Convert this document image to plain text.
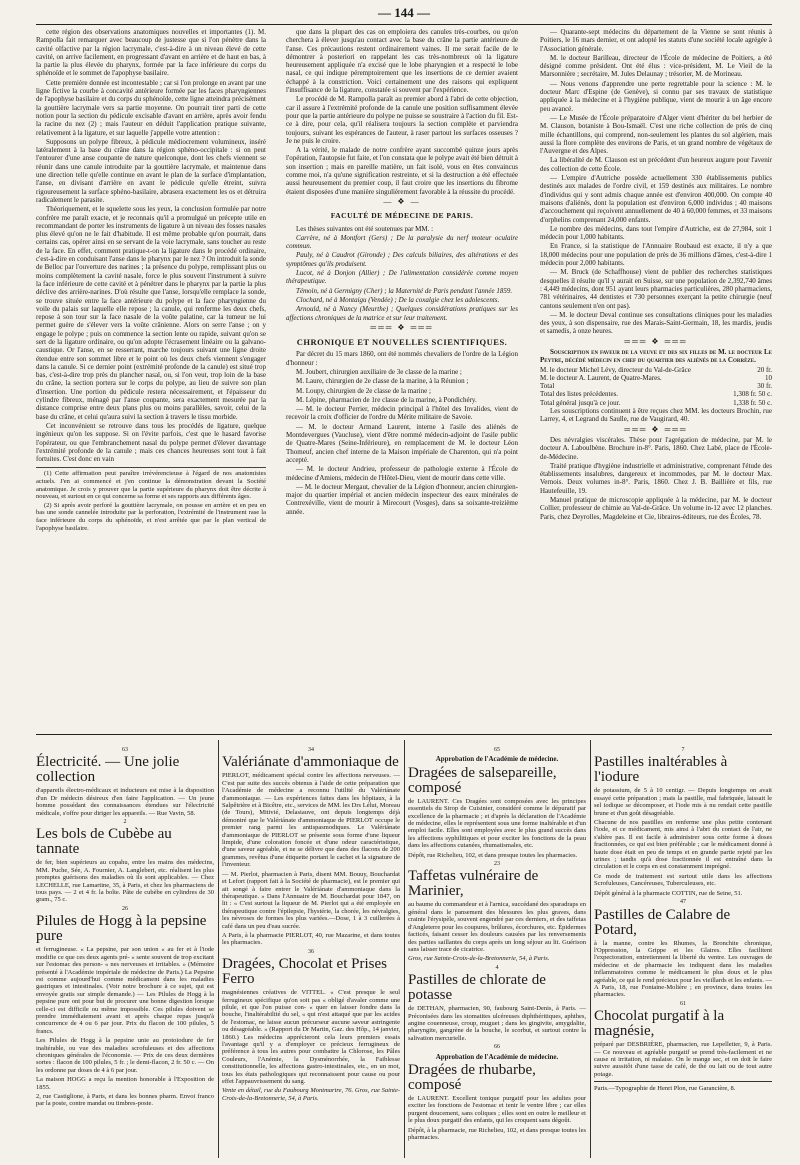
— 144 —

cette région des observations anatomiques nouvelles et importantes (1). M. Rampolla fait remarquer avec beaucoup de justesse que si l'on pénètre dans la cavité olfactive par la région lacrymale, c'est-à-dire à un niveau élevé de cette cavité, on arrive facilement, en progressant d'avant en arrière et de haut en bas, à la partie la plus élevée du pharynx, formée par la face inférieure du corps du sphénoïde et le sommet de l'apophyse basilaire.

Cette première donnée est incontestable ; car si l'on prolonge en avant par une ligne fictive la courbe à concavité antérieure formée par les faces pharyngiennes de l'apophyse basilaire et du corps du sphénoïde, cette ligne atteindra précisément la gouttière lacrymale vers sa partie moyenne. On pourrait tirer parti de cette notion pour la section du pédicule excisable d'avant en arrière, après avoir fendu la racine du nez (2) ; mais l'auteur en déduit l'application pratique suivante, relativement à la ligature, et sur laquelle j'appelle votre attention :

Supposons un polype fibreux, à pédicule médiocrement volumineux, inséré latéralement à la base du crâne dans la région sphéno-occipitale : si on peut l'entourer d'une anse coupante de nature quelconque, dont les chefs viennent se réunir dans une canule introduite par la gouttière lacrymale, et maintenue dans une direction telle qu'elle continue en avant le plan de la surface d'implantation, l'anse, en divisant d'arrière en avant le pédicule qu'elle étreint, suivra rigoureusement la surface sphéno-basilaire, abrasera exactement les os et détruira radicalement le parasite.

Théoriquement, et le squelette sous les yeux, la conclusion formulée par notre confrère me paraît exacte, et je reconnais qu'il a promulgué un précepte utile en recommandant de porter les instruments de ligature à un niveau des fosses nasales plus élevé qu'on ne le fait d'habitude. Il est même probable qu'on pourrait, dans certains cas, opérer ainsi en se servant de la voie lacrymale, sans toucher au reste de la face. En effet, comment pratique-t-on la ligature dans le procédé ordinaire, c'est-à-dire en conduisant l'anse dans le pharynx par le nez ? On introduit la sonde de Belloc par l'ouverture des narines ; la présence du polype, remplissant plus ou moins complètement la cavité nasale, force le plus souvent l'instrument à suivre la face inférieure de cette cavité et à pénétrer dans le pharynx par la partie la plus déclive des arrière-narines. D'où résulte que l'anse, lorsqu'elle remplace la sonde, se trouve située entre la face antérieure du polype et la face pharyngienne du voile du palais sur laquelle elle repose ; la canule, qui renferme les deux chefs, repose à son tour sur la face nasale de la voûte palatine, car la tumeur ne lui permet guère de s'élever vers la voûte crânienne. Alors on serre l'anse ; on y engage le polype ; puis on commence la section lente ou rapide, suivant qu'on se sert de la ligature ordinaire, ou qu'on adopte l'écrasement linéaire ou la galvano-caustique. Or l'anse, en se resserrant, marche toujours suivant une ligne droite étendue entre son sommet libre et le point où les deux chefs viennent s'engager dans la canule. Si ce dernier point (extrémité profonde de la canule) est situé trop bas, c'est-à-dire trop près du plancher nasal, ou, si l'on veut, trop loin de la base du crâne, la section portera sur le corps du polype, au lieu de suivre son plan d'insertion. Une portion du pédicule restera nécessairement, et l'épaisseur du cylindre fibreux, ménagé par l'anse coupante, sera exactement mesurée par la distance comprise entre deux plans plus ou moins parallèles, savoir, celui de la base du crâne, et celui qu'aura suivi la section à travers le tissu morbide.

Cet inconvénient se retrouve dans tous les procédés de ligature, quelque ingénieux qu'on les suppose. Si on l'évite parfois, c'est que le hasard favorise l'opérateur, ou que l'embranchement nasal du polype permet d'élever davantage l'extrémité profonde de la canule ; mais ces chances heureuses sont tout à fait fortuites. C'est donc en vain

(1) Cette affirmation peut paraître irrévérencieuse à l'égard de nos anatomistes actuels. J'en ai commencé et j'en continue la démonstration devant la Société anatomique. Je crois y prouver que la partie supérieure du pharynx doit être décrite à nouveau, et surtout en ce qui concerne sa forme et ses rapports aux différents âges.

(2) Si après avoir perforé la gouttière lacrymale, on pousse en arrière et en peu en bas une sonde cannelée introduite par la perforation, l'extrémité de l'instrument rase la face inférieure du corps du sphénoïde, et n'est arrêtée que par le plan vertical de l'apophyse basilaire.

que dans la plupart des cas on emploiera des canules très-courbes, ou qu'on cherchera à élever jusqu'au contact avec la base du crâne la partie antérieure de l'anse. Ces précautions restent ordinairement vaines. Il me serait facile de le démontrer à posteriori en rappelant les cas très-nombreux où la ligature heureusement appliquée n'a excisé que le lobe pharyngien et a respecté le lobe nasal, ce qui indique péremptoirement que les insertions de ce dernier avaient échappé à la constriction. Voici certainement une des raisons qui expliquent l'insuffisance de la ligature, constatée si souvent par l'expérience.

Le procédé de M. Rampolla paraît au premier abord à l'abri de cette objection, car il assure à l'extrémité profonde de la canule une position suffisamment élevée pour que la partie antérieure du polype ne puisse se soustraire à l'action du fil. Est-ce à dire, pour cela, qu'il réalisera toujours la section complète et parviendra toujours, suivant les espérances de l'auteur, à raser partout les surfaces osseuses ? Je ne puis le croire.

A la vérité, le malade de notre confrère ayant succombé quinze jours après l'opération, l'autopsie fut faite, et l'on constata que le polype avait été bien détruit à son insertion ; mais en pareille matière, un fait isolé, vous en êtes convaincus comme moi, n'a qu'une signification restreinte, et si la destruction a été effectuée aussi heureusement du premier coup, il faut croire que les insertions du fibrome étaient disposées d'une manière singulièrement favorable à la réussite du procédé.

— ❖ —
FACULTÉ DE MÉDECINE DE PARIS.

Les thèses suivantes ont été soutenues par MM. :

Carrère, né à Montfort (Gers) ; De la paralysie du nerf moteur oculaire commun.

Pauly, né à Caudrot (Gironde) ; Des calculs biliaires, des altérations et des symptômes qu'ils produisent.

Lucot, né à Donjon (Allier) ; De l'alimentation considérée comme moyen thérapeutique.

Témoin, né à Germigny (Cher) ; la Maternité de Paris pendant l'année 1859.

Clochard, né à Montaigu (Vendée) ; De la coxalgie chez les adolescents.

Arnould, né à Nancy (Meurthe) ; Quelques considérations pratiques sur les affections chroniques de la matrice et sur leur traitement.

═══ ❖ ═══
CHRONIQUE ET NOUVELLES SCIENTIFIQUES.

Par décret du 15 mars 1860, ont été nommés chevaliers de l'ordre de la Légion d'honneur :

M. Joubert, chirurgien auxiliaire de 3e classe de la marine ;

M. Laure, chirurgien de 2e classe de la marine, à la Réunion ;

M. Loupy, chirurgien de 2e classe de la marine ;

M. Lépine, pharmacien de 1re classe de la marine, à Pondichéry.

— M. le docteur Perrier, médecin principal à l'hôtel des Invalides, vient de recevoir la croix d'officier de l'ordre du Mérite militaire de Savoie.

— M. le docteur Armand Laurent, interne à l'asile des aliénés de Montdevergues (Vaucluse), vient d'être nommé médecin-adjoint de l'asile public de Quatre-Mares (Seine-Inférieure), en remplacement de M. le docteur Léon Thomeuf, ancien chef interne de la Maison impériale de Charenton, qui n'a point accepté.

— M. le docteur Andrieu, professeur de pathologie externe à l'École de médecine d'Amiens, médecin de l'Hôtel-Dieu, vient de mourir dans cette ville.

— M. le docteur Mergaut, chevalier de la Légion d'honneur, ancien chirurgien-major du quartier impérial et ancien médecin inspecteur des eaux minérales de Contrexéville, vient de mourir à Mirecourt (Vosges), dans sa soixante-treizième année.

— Quarante-sept médecins du département de la Vienne se sont réunis à Poitiers, le 16 mars dernier, et ont adopté les statuts d'une société locale agrégée à l'Association générale.

M. le docteur Barilleau, directeur de l'École de médecine de Poitiers, a été désigné comme président. Ont été élus : vice-président, M. Le Vieil de la Marsonnière ; secrétaire, M. Jules Delaunay ; trésorier, M. de Morineau.

— Nous venons d'apprendre une perte regrettable pour la science : M. le docteur Marc d'Espine (de Genève), si connu par ses travaux de statistique appliquée à la médecine et à l'hygiène publique, vient de mourir à un âge encore peu avancé.

— Le Musée de l'École préparatoire d'Alger vient d'hériter du bel herbier de M. Clauson, botaniste à Bou-Ismaël. C'est une riche collection de près de cinq mille échantillons, qui comprend, non-seulement les plantes du sol algérien, mais aussi la flore complète des environs de Paris, et un grand nombre de végétaux de l'Auvergne et des Alpes.

La libéralité de M. Clauson est un précédent d'un heureux augure pour l'avenir des collection de cette École.

— L'empire d'Autriche possède actuellement 330 établissements publics destinés aux malades de l'ordre civil, et 159 destinés aux militaires. Le nombre d'individus qui y sont admis chaque année est d'environ 400,000. On compte 40 maisons d'aliénés, dont la population est d'environ 6,000 individus ; 40 maisons d'accouchement qui reçoivent annuellement de 40 à 60,000 femmes, et 33 maisons d'orphelins comprenant 24,000 enfants.

Le nombre des médecins, dans tout l'empire d'Autriche, est de 27,984, soit 1 médecin pour 1,000 habitants.

En France, si la statistique de l'Annuaire Roubaud est exacte, il n'y a que 18,000 médecins pour une population de près de 36 millions d'âmes, c'est-à-dire 1 médecin pour 2,000 habitants.

— M. Bruck (de Schaffhouse) vient de publier des recherches statistiques desquelles il résulte qu'il y aurait en Suisse, sur une population de 2,392,740 âmes : 4,449 médecins, dont 951 ayant leurs pharmacies particulières, 280 pharmaciens, 781 vétérinaires, 44 dentistes et 730 personnes exerçant la petite chirurgie (neuf cantons seulement n'en ont pas).

— M. le docteur Deval continue ses consultations cliniques pour les maladies des yeux, à son dispensaire, rue des Marais-Saint-Germain, 18, les mardis, jeudis et samedis, à onze heures.

═══ ❖ ═══

Souscription en faveur de la veuve et des six filles de M. le docteur Le Peytre, décédé médecin en chef du quartier des aliénés de la Corrèze.

M. le docteur Michel Lévy, directeur du Val-de-Grâce	20 fr.
M. le docteur A. Laurent, de Quatre-Mares.	10
Total	30 fr.
Total des listes précédentes.	1,308 fr. 50 c.
Total général jusqu'à ce jour.	1,338 fr. 50 c.

Les souscriptions continuent à être reçues chez MM. les docteurs Brochin, rue Larrey, 4, et Legrand du Saulle, rue de Vaugirard, 40.

═══ ❖ ═══

Des névralgies viscérales. Thèse pour l'agrégation de médecine, par M. le docteur A. Laboulbène. Brochure in-8°. Paris, 1860. Chez Labé, place de l'École-de-Médecine.

Traité pratique d'hygiène industrielle et administrative, comprenant l'étude des établissements insalubres, dangereux et incommodes, par M. le docteur Max. Vernois. Deux volumes in-8°. Paris, 1860. Chez J. B. Baillière et fils, rue Hautefeuille, 19.

Manuel pratique de microscopie appliquée à la médecine, par M. le docteur Collier, professeur de chimie au Val-de-Grâce. Un volume in-12 avec 12 planches. Paris, chez Deyrolles, Magdeleine et Cie, libraires-éditeurs, rue des Écoles, 78.

63
Électricité. — Une jolie collection

d'appareils électro-médicaux et inducteurs est mise à la disposition d'un Dr médecin désireux d'en faire l'application. — Un jeune homme possédant des connaissances étendues sur l'électricité médicale, s'offre pour diriger les appareils. — Rue Vavin, 58.

2
Les bols de Cubèbe au tannate

de fer, bien supérieurs au copahu, entre les mains des médecins, MM. Puche, Sée, A. Fournier, A. Langlebert, etc. réalisent les plus promptes guérisons des maladies où ils sont applicables. — Chez LECHELLE, rue Lamartine, 35, à Paris, et chez les pharmaciens de tous pays. — 2 et 4 fr. la boîte. Pâte de cubèbe en cylindres de 30 gram., 75 c.

26
Pilules de Hogg à la pepsine pure

et ferrugineuse. « La pepsine, par son union « au fer et à l'iode modifie ce que ces deux agents pré- « sente souvent de trop excitant sur l'estomac des person- « nes nerveuses et irritables. » (Mémoire présenté à l'Académie impériale de médecine de Paris.) La Pepsine est comme aujourd'hui comme médicament dans les maladies gastriques et intestinales. (Voir notre brochure à ce sujet, qui est envoyée gratis sur simple demande.) — Les Pilules de Hogg à la pepsine pure ont pour but de procurer une bonne digestion lorsque celle-ci est difficile ou même impossible. Ces pilules doivent se prendre immédiatement avant et après chaque repas jusqu'à concurrence de 4 ou 6 par jour. Prix du flacon de 100 pilules, 5 francs.

Les Pilules de Hogg à la pepsine unie au protoiodure de fer inaltérable, ou vue des maladies scrofuleuses et des affections chroniques générales de l'économie. — Prix de ces deux dernières sortes : flacon de 100 pilules, 5 fr. ; le demi-flacon, 2 fr. 50 c. — On les ordonne par doses de 4 à 6 par jour.

La maison HOGG a reçu la mention honorable à l'Exposition de 1855.

2, rue Castiglione, à Paris, et dans les bonnes pharm. Envoi franco par la poste, contre mandat ou timbres-poste.

34
Valériánate d'ammoniaque de

PIERLOT, médicament spécial contre les affections nerveuses. — C'est par suite des succès obtenus à l'aide de cette préparation que l'Académie de médecine a reconnu l'utilité du Valériánate d'ammoniaque. — Les expériences faites dans les hôpitaux, à la Salpêtrière et à Bicêtre, etc., services de MM. les Drs Lélut, Moreau (de Tours), Mitivié, Delasiauve, ont depuis longtemps déjà démontré que le Valériánate d'ammoniaque de PIERLOT occupe le premier rang parmi les antispasmodiques. Le Valériánate d'ammoniaque de PIERLOT se présente sous forme d'une liqueur limpide, d'une coloration foncée et d'une odeur caractéristique, d'une saveur agréable, et ne se délivre que dans des flacons de 200 grammes, revêtus d'une étiquette portant le cachet et la signature de l'inventeur.

— M. Pierlot, pharmacien à Paris, disent MM. Bouuy, Bouchardat et Lefort (rapport fait à la Société de pharmacie), est le premier qui ait songé à faire entrer le Valériánate d'ammoniaque dans la thérapeutique. » Dans l'Annuaire de M. Bouchardat pour 1847, on lit : « C'est surtout la liqueur de M. Pierlot qui a été employée en thérapeutique contre l'épilepsie, l'hystérie, la chorée, les névralgies, les névroses de formes les plus variées.—Dose, 1 à 3 cuillerées à café dans un peu d'eau sucrée.

A Paris, à la pharmacie PIERLOT, 40, rue Mazarine, et dans toutes les pharmacies.

36
Dragées, Chocolat et Prises Ferro

magnésiennes créatives de VITTEL. « C'est presque le seul ferrugineux spécifique qu'on soit pas « obligé d'avaler comme une pilule, et que l'on puisse con- « quer en laisser fondre dans la bouche, l'inaltérabilité du sel, « qui n'est attaqué que par les acides de l'estomac, ne laisse aucun précurseur aucune saveur astringente ou désagréable. » (Rapport du Dr Martin, Gaz. des Hôp., 14 janvier, 1860.) Les médecins apprécieront cela leurs premiers essais l'avantage qu'il y a d'employer ce précieux ferrugineux de préférence à tous les autres pour combattre la Chlorose, les Pâles Couleurs, l'Anémie, la Dysménorrhée, la Faiblesse constitutionnelle, les affections gastro-intestinales, etc., en un mot, tous les états pathologiques qui reconnaissent pour cause ou pour effet l'appauvrissement du sang.

Vente en détail, rue du Faubourg Montmartre, 76. Gros, rue Sainte-Croix-de-la-Bretonnerie, 54, à Paris.

65
Approbation de l'Académie de médecine.
Dragées de salsepareille, composé

de LAURENT. Ces Dragées sont composées avec les principes essentiels du Sirop de Cuisinier, considéré comme le dépuratif par excellence de la pharmacie ; et d'après la déclaration de l'Académie de médecine, elles le représentent sous une forme inaltérable et d'un emploi facile. Elles sont employées avec le plus grand succès dans les affections syphilitiques et pour exciter les fonctions de la peau dans les affections cutanées, rhumatismales, etc.

Dépôt, rue Richelieu, 102, et dans presque toutes les pharmacies.

23
Taffetas vulnéraire de Marinier,

au baume du commandeur et à l'arnica, succédané des sparadraps en général dans le pansement des blessures les plus graves, dans crainte l'érysipèle, souvent engendré par ces derniers, et des taffetas d'Angleterre pour les coupures, brûlures, écorchures, etc. Épidermes facticés, faisant cesser les douleurs causées par les renversements des parties saillantes du corps après un long séjour au lit. Guérison sans laisser trace de cicatrice.

Gros, rue Sainte-Croix-de-la-Bretonnerie, 54, à Paris.

4
Pastilles de chlorate de potasse

de DETHAN, pharmacien, 90, faubourg Saint-Denis, à Paris. — Préconisées dans les stomatites ulcéreuses diphthéritiques, aphthes, angine couenneuse, croup, muguet ; dans les gingivite, amygdalite, pharyngite, gangrène de la bouche, le scorbut, et surtout contre la salivation mercurielle.

66
Approbation de l'Académie de médecine.
Dragées de rhubarbe, composé

de LAURENT. Excellent tonique purgatif pour les adultes pour exciter les fonctions de l'estomac et tenir le ventre libre ; car elles purgent doucement, sans coliques ; elles sont en outre le meilleur et le plus doux purgatif des enfants, qui les croquent sans dégoût.

Dépôt, à la pharmacie, rue Richelieu, 102, et dans presque toutes les pharmacies.

7
Pastilles inaltérables à l'iodure

de potassium, de 5 à 10 centigr. — Depuis longtemps on avait essayé cette préparation ; mais la pastille, mal fabriquée, laissait le sel iodique se décomposer, et l'iode mis à nu rendait cette pastille brune et d'un goût désagréable.

Chacune de nos pastilles en renferme une plus petite contenant l'iode, et ce médicament, mis ainsi à l'abri du contact de l'air, ne s'altère pas. Il est facile à administrer sous cette forme à doses fractionnées, ce qui est bien préférable ; car le médicament donné à haute dose était en peu de temps et en grande partie rejeté par les urines ; tandis qu'à dose fractionnée il est entraîné dans la circulation et le corps en est constamment imprégné.

Ce mode de traitement est surtout utile dans les affections Scrofuleuses, Cancéreuses, Tuberculeuses, etc.

Dépôt général à la pharmacie COTTIN, rue de Seine, 51.

47
Pastilles de Calabre de Potard,

à la manne, contre les Rhumes, la Bronchite chronique, l'Oppression, la Grippe et les Glaires. Elles facilitent l'expectoration, entretiennent la liberté du ventre. Les ouvrages de médecine et de pharmacie les indiquent dans les maladies inflammatoires comme le médicament le plus doux et le plus agréable, ce qui le rend précieux pour les vieillards et les enfants. — A Paris, 18, rue Fontaine-Molière ; en province, dans toutes les pharmacies.

61
Chocolat purgatif à la magnésie,

préparé par DESBRIÈRE, pharmacien, rue Lepelletier, 9, à Paris. — Ce nouveau et agréable purgatif se prend très-facilement et ne cause ni irritation, ni malaise. On le mange sec, et on doit le faire suivre aussitôt d'une tasse de café, de thé ou lait ou de tout autre potage.

Paris.—Typographie de Henri Plon, rue Garancière, 8.
